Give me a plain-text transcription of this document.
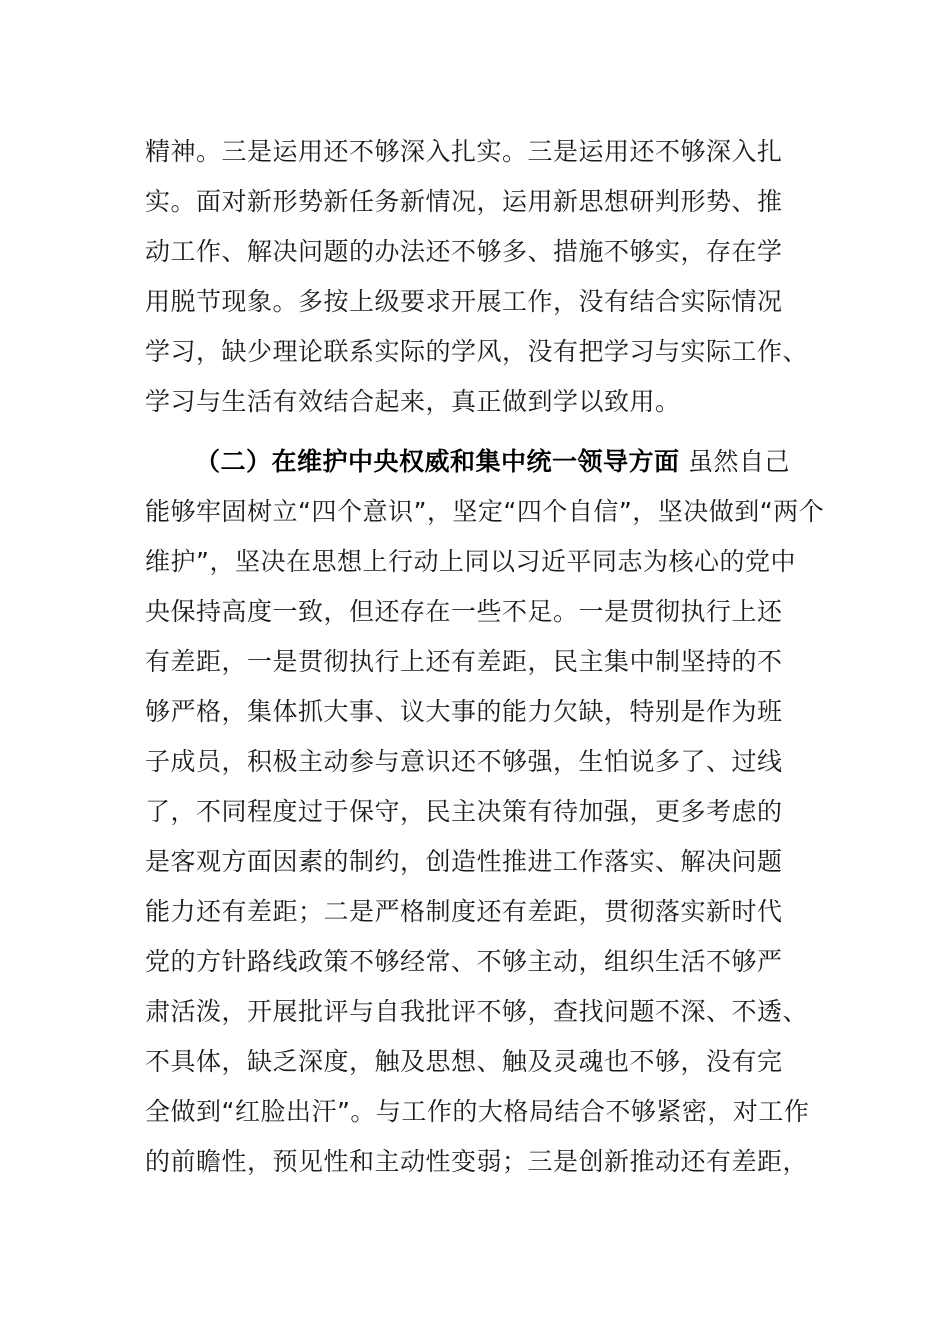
精神。三是运用还不够深入扎实。三是运用还不够深入扎
实。面对新形势新任务新情况，运用新思想研判形势、推
动工作、解决问题的办法还不够多、措施不够实，存在学
用脱节现象。多按上级要求开展工作，没有结合实际情况
学习，缺少理论联系实际的学风，没有把学习与实际工作、
学习与生活有效结合起来，真正做到学以致用。
（二）在维护中央权威和集中统一领导方面 虽然自己
能够牢固树立“四个意识”，坚定“四个自信”，坚决做到“两个
维护”，坚决在思想上行动上同以习近平同志为核心的党中
央保持高度一致，但还存在一些不足。一是贯彻执行上还
有差距，一是贯彻执行上还有差距，民主集中制坚持的不
够严格，集体抓大事、议大事的能力欠缺，特别是作为班
子成员，积极主动参与意识还不够强，生怕说多了、过线
了，不同程度过于保守，民主决策有待加强，更多考虑的
是客观方面因素的制约，创造性推进工作落实、解决问题
能力还有差距；二是严格制度还有差距，贯彻落实新时代
党的方针路线政策不够经常、不够主动，组织生活不够严
肃活泼，开展批评与自我批评不够，查找问题不深、不透、
不具体，缺乏深度，触及思想、触及灵魂也不够，没有完
全做到“红脸出汗”。与工作的大格局结合不够紧密，对工作
的前瞻性，预见性和主动性变弱；三是创新推动还有差距，
